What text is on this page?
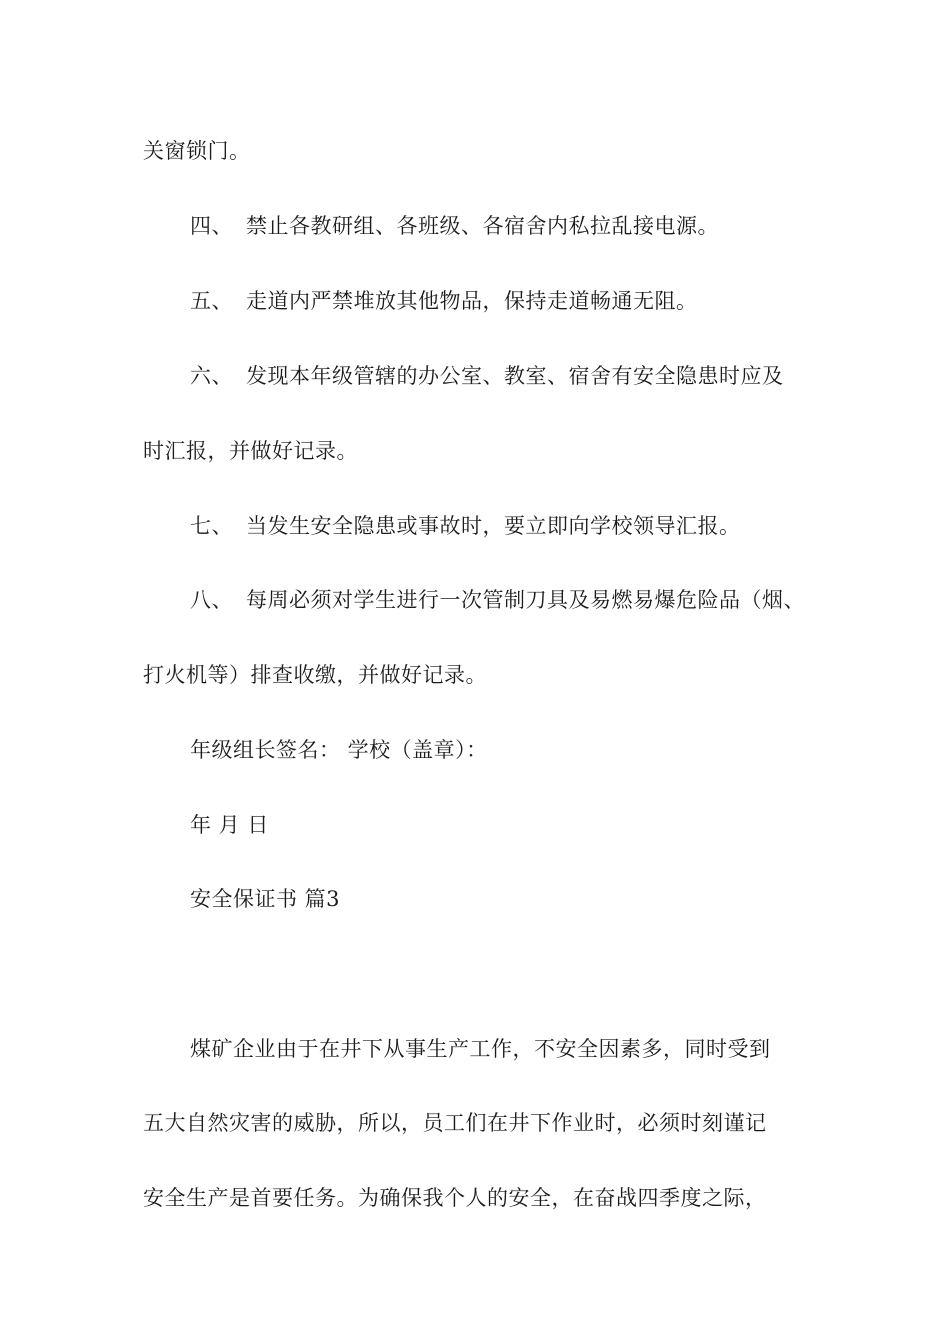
关窗锁门。
四、 禁止各教研组、各班级、各宿舍内私拉乱接电源。
五、 走道内严禁堆放其他物品，保持走道畅通无阻。
六、 发现本年级管辖的办公室、教室、宿舍有安全隐患时应及
时汇报，并做好记录。
七、 当发生安全隐患或事故时，要立即向学校领导汇报。
八、 每周必须对学生进行一次管制刀具及易燃易爆危险品（烟、
打火机等）排查收缴，并做好记录。
年级组长签名： 学校（盖章）：
年 月 日
安全保证书 篇3
煤矿企业由于在井下从事生产工作，不安全因素多，同时受到
五大自然灾害的威胁，所以，员工们在井下作业时，必须时刻谨记
安全生产是首要任务。为确保我个人的安全，在奋战四季度之际，
